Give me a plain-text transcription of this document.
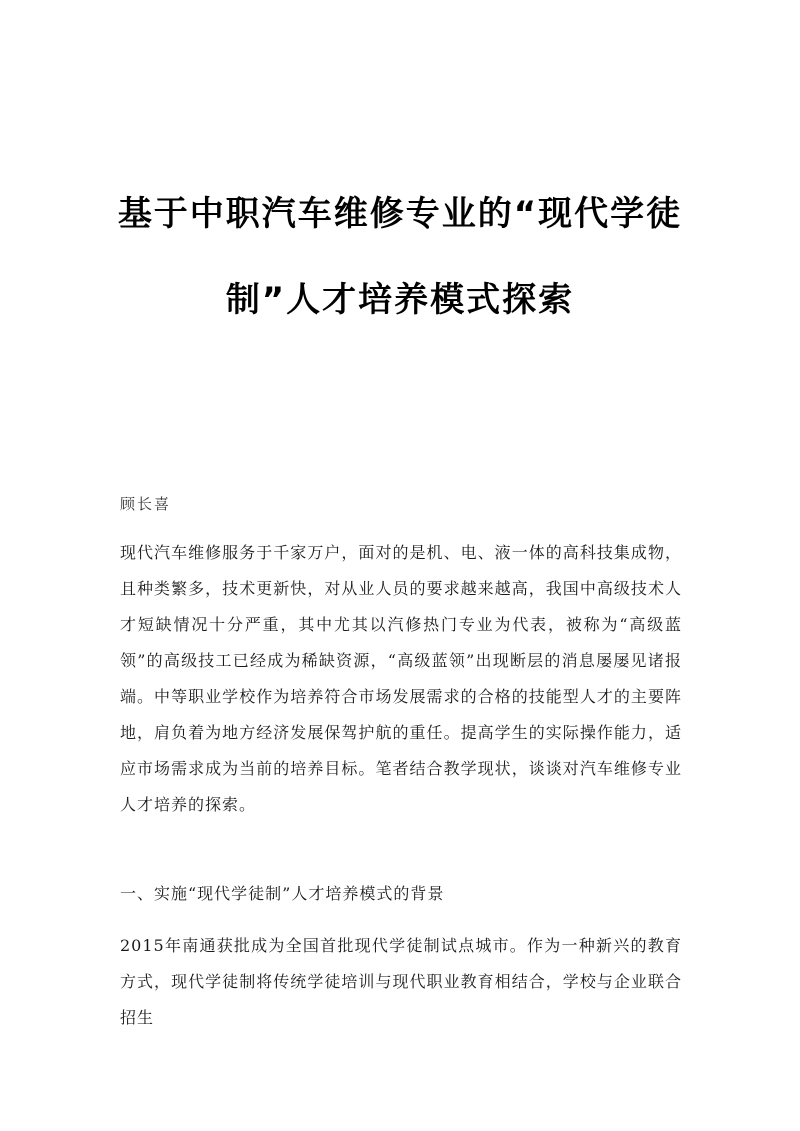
基于中职汽车维修专业的“现代学徒
制”人才培养模式探索
顾长喜
现代汽车维修服务于千家万户，面对的是机、电、液一体的高科技集成物，且种类繁多，技术更新快，对从业人员的要求越来越高，我国中高级技术人才短缺情况十分严重，其中尤其以汽修热门专业为代表，被称为“高级蓝领”的高级技工已经成为稀缺资源，“高级蓝领”出现断层的消息屡屡见诸报端。中等职业学校作为培养符合市场发展需求的合格的技能型人才的主要阵地，肩负着为地方经济发展保驾护航的重任。提高学生的实际操作能力，适应市场需求成为当前的培养目标。笔者结合教学现状，谈谈对汽车维修专业人才培养的探索。
一、实施“现代学徒制”人才培养模式的背景
2015年南通获批成为全国首批现代学徒制试点城市。作为一种新兴的教育方式，现代学徒制将传统学徒培训与现代职业教育相结合，学校与企业联合招生
